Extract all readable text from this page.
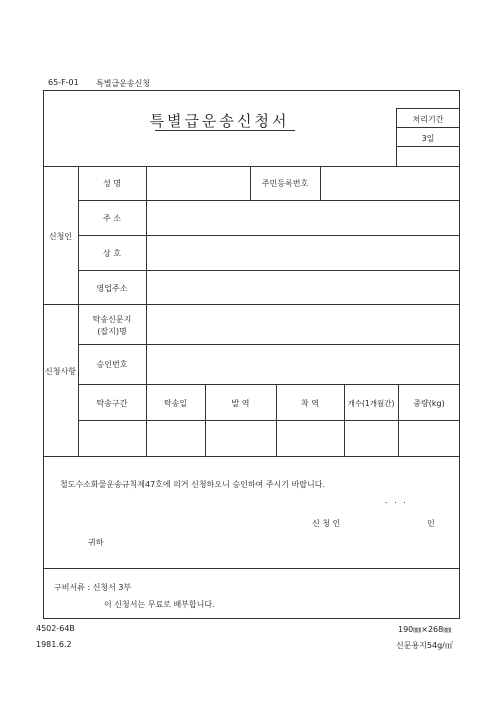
65-F-01 특별급운송신청
특별급운송신청서	처리기간
3일
신청인
성 명	주민등록번호
주 소
상 호
영업주소
신청사항
탁송신문지
(잡지)명
승인번호
탁송구간	탁송일	발 역	착 역	개수(1개월간)	중량(kg)
철도수소화물운송규칙제47호에 의거 신청하오니 승인하여 주시기 바랍니다.
. . .
신 청 인	인
귀하
구비서류 : 신청서 3부
이 신청서는 무료로 배부합니다.
4502-64B
1981.6.2
190㎜×268㎜
신문용지54g/㎡
